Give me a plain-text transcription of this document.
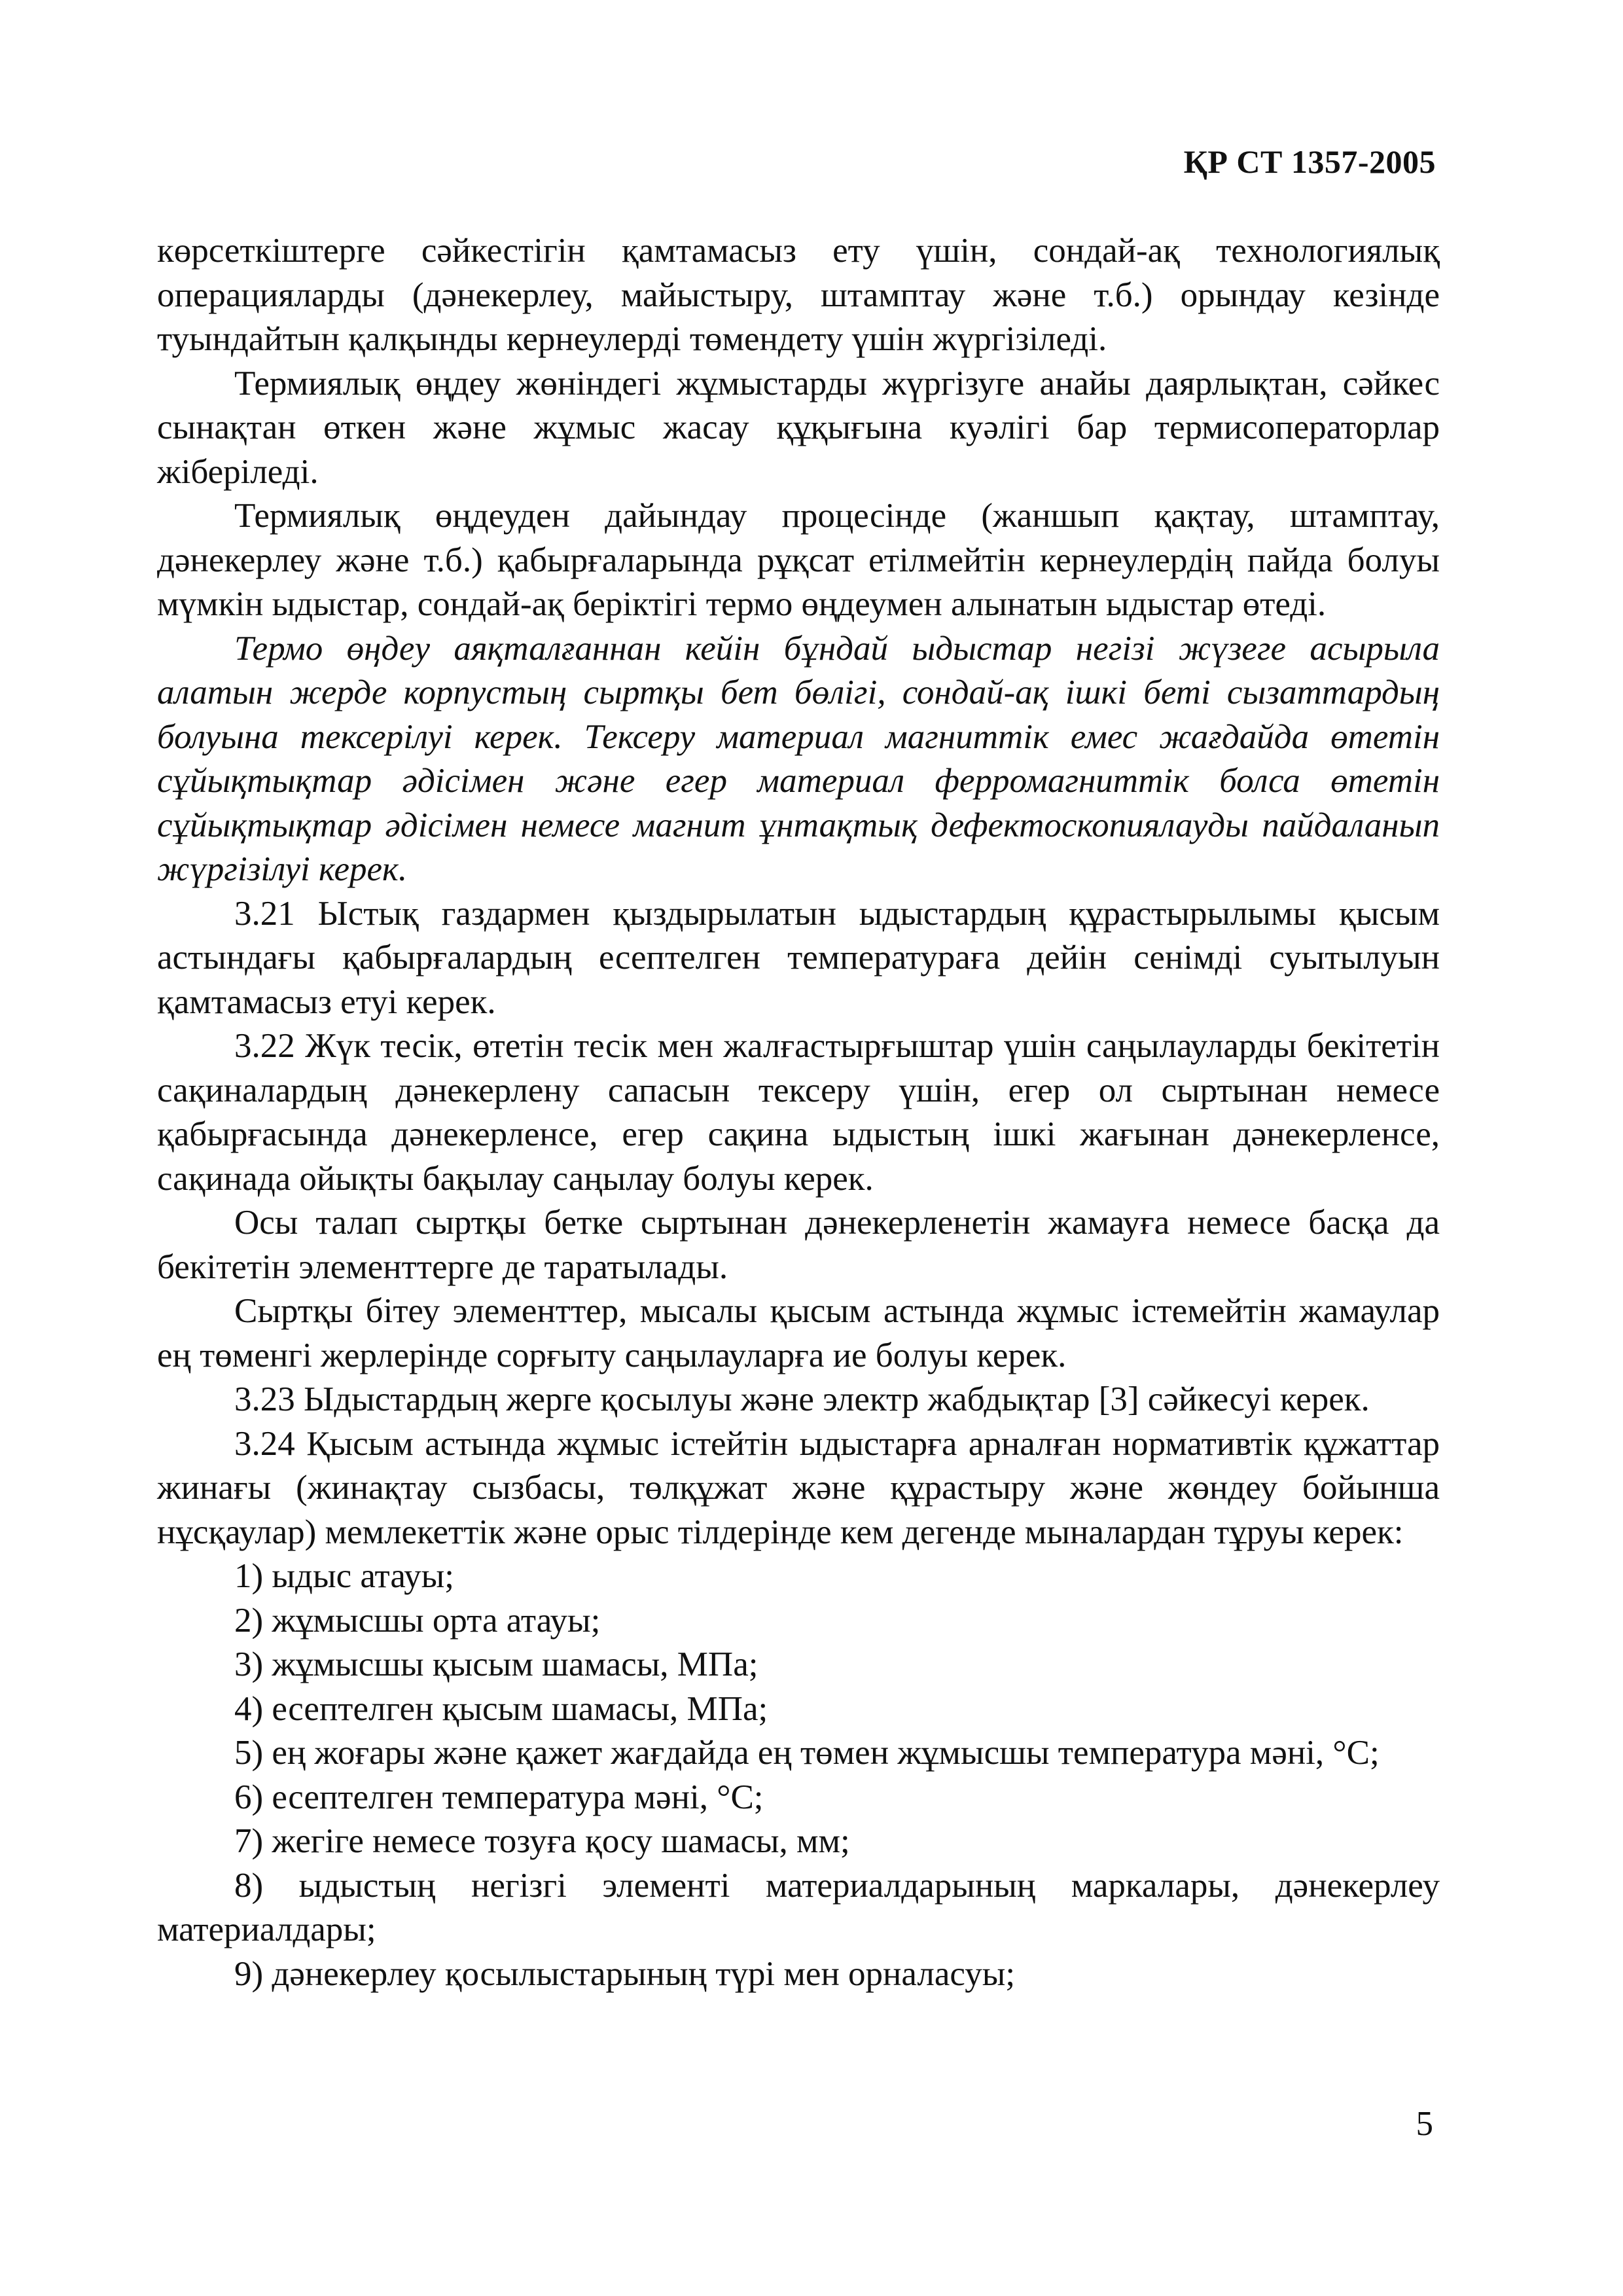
ҚР СТ 1357-2005

көрсеткіштерге сәйкестігін қамтамасыз ету үшін, сондай-ақ технологиялық операцияларды (дәнекерлеу, майыстыру, штамптау және т.б.) орындау кезінде туындайтын қалқынды кернеулерді төмендету үшін жүргізіледі.

Термиялық өңдеу жөніндегі жұмыстарды жүргізуге анайы даярлықтан, сәйкес сынақтан өткен және жұмыс жасау құқығына куәлігі бар термисоператорлар жіберіледі.

Термиялық өңдеуден дайындау процесінде (жаншып қақтау, штамптау, дәнекерлеу және т.б.) қабырғаларында рұқсат етілмейтін кернеулердің пайда болуы мүмкін ыдыстар, сондай-ақ беріктігі термо өңдеумен алынатын ыдыстар өтеді.

Термо өңдеу аяқталғаннан кейін бұндай ыдыстар негізі жүзеге асырыла алатын жерде корпустың сыртқы бет бөлігі, сондай-ақ ішкі беті сызаттардың болуына тексерілуі керек. Тексеру материал магниттік емес жағдайда өтетін сұйықтықтар әдісімен және егер материал ферромагниттік болса өтетін сұйықтықтар әдісімен немесе магнит ұнтақтық дефектоскопиялауды пайдаланып жүргізілуі керек.

3.21 Ыстық газдармен қыздырылатын ыдыстардың құрастырылымы қысым астындағы қабырғалардың есептелген температураға дейін сенімді суытылуын қамтамасыз етуі керек.

3.22 Жүк тесік, өтетін тесік мен жалғастырғыштар үшін саңылауларды бекітетін сақиналардың дәнекерлену сапасын тексеру үшін, егер ол сыртынан немесе қабырғасында дәнекерленсе, егер сақина ыдыстың ішкі жағынан дәнекерленсе, сақинада ойықты бақылау саңылау болуы керек.

Осы талап сыртқы бетке сыртынан дәнекерленетін жамауға немесе басқа да бекітетін элементтерге де таратылады.

Сыртқы бітеу элементтер, мысалы қысым астында жұмыс істемейтін жамаулар ең төменгі жерлерінде сорғыту саңылауларға ие болуы керек.

3.23 Ыдыстардың жерге қосылуы және электр жабдықтар [3] сәйкесуі керек.

3.24 Қысым астында жұмыс істейтін ыдыстарға арналған нормативтік құжаттар жинағы (жинақтау сызбасы, төлқұжат және құрастыру және жөндеу бойынша нұсқаулар) мемлекеттік және орыс тілдерінде кем дегенде мыналардан тұруы керек:

1) ыдыс атауы;

2) жұмысшы орта атауы;

3) жұмысшы қысым шамасы, МПа;

4) есептелген қысым шамасы, МПа;

5) ең жоғары және қажет жағдайда ең төмен жұмысшы температура мәні, °С;

6) есептелген температура мәні, °С;

7) жегіге немесе тозуға қосу шамасы, мм;

8) ыдыстың негізгі элементі материалдарының маркалары, дәнекерлеу материалдары;

9) дәнекерлеу қосылыстарының түрі мен орналасуы;

5
